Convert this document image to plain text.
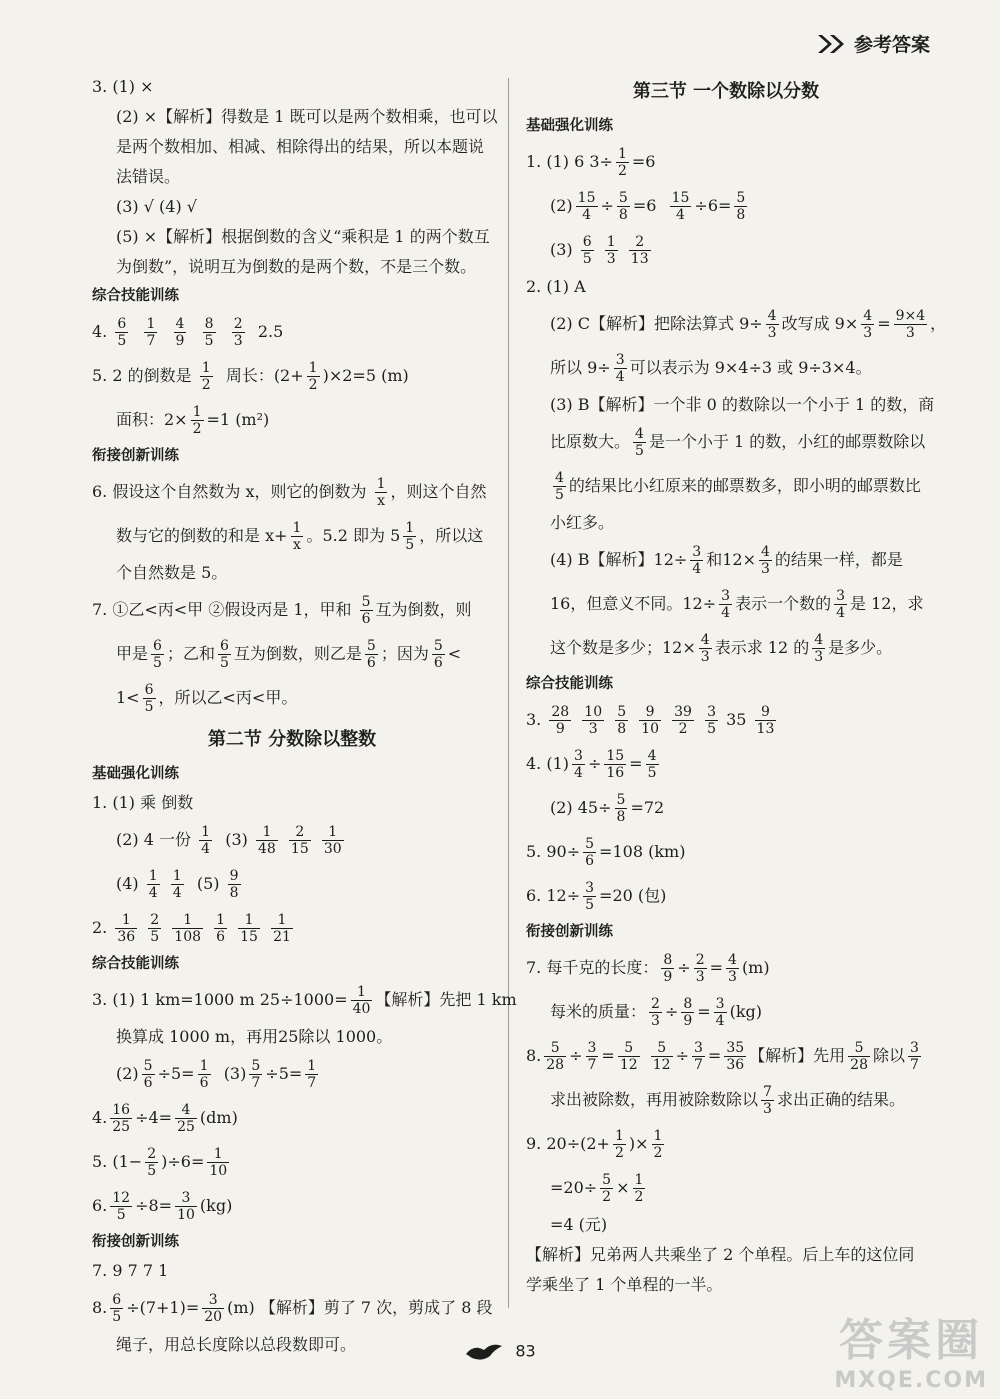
参考答案
3. (1) ×
(2) ×【解析】得数是 1 既可以是两个数相乘，也可以
是两个数相加、相减、相除得出的结果，所以本题说
法错误。
(3) √ (4) √
(5) ×【解析】根据倒数的含义“乘积是 1 的两个数互
为倒数”，说明互为倒数的是两个数，不是三个数。
综合技能训练
4. $\frac{6}{5}$
$\frac{1}{7}$
$\frac{4}{9}$
$\frac{8}{5}$
$\frac{2}{3} 2.5$
5. 2 的倒数是 $\frac{1}{2}$ 周长：$(2+ \frac{1}{2} )\times 2=5$ (m)
面积：$2\times \frac{1}{2} =1$ (m²)
衔接创新训练
6. 假设这个自然数为 x，则它的倒数为 $\frac{1}{x}$ ，则这个自然
数与它的倒数的和是 $x+ \frac{1}{x}$ 。5.2 即为 $5 \frac{1}{5}$ ，所以这
个自然数是 5。
7. ①乙<丙<甲 ②假设丙是 1，甲和 $\frac{5}{6}$ 互为倒数，则
甲是 $\frac{6}{5}$ ；乙和 $\frac{6}{5}$ 互为倒数，则乙是 $\frac{5}{6}$ ；因为 $\frac{5}{6}$ <
$1< \frac{6}{5}$ ，所以乙<丙<甲。
第二节 分数除以整数
基础强化训练
1. (1) 乘 倒数
(2) 4 一份 $\frac{1}{4} (3) \frac{1}{48}$
$\frac{2}{15}$
$\frac{1}{30}$
$(4) \frac{1}{4}$
$\frac{1}{4} (5) \frac{9}{8}$
2. $\frac{1}{36}$
$\frac{2}{5}$
$\frac{1}{108}$
$\frac{1}{6}$
$\frac{1}{15}$
$\frac{1}{21}$
综合技能训练
3. (1) 1 km=1000 m $25\div 1000= \frac{1}{40}$ 【解析】先把 1 km
换算成 1000 m，再用25除以 1000。
$(2) \frac{5}{6} \div 5= \frac{1}{6} (3) \frac{5}{7} \div 5= \frac{1}{7}$
4. $\frac{16}{25} \div 4= \frac{4}{25} (dm)$
5. $(1- \frac{2}{5} )\div 6= \frac{1}{10}$
6. $\frac{12}{5} \div 8= \frac{3}{10} (kg)$
衔接创新训练
7. 9 7 7 1
8. $\frac{6}{5} \div(7+1)= \frac{3}{20} (m)$ 【解析】剪了 7 次，剪成了 8 段
绳子，用总长度除以总段数即可。
第三节 一个数除以分数
基础强化训练
1. (1) 6 $3\div \frac{1}{2} =6$
$(2) \frac{15}{4} \div \frac{5}{8} =6 \frac{15}{4} \div 6= \frac{5}{8}$
$(3) \frac{6}{5}$
$\frac{1}{3}$
$\frac{2}{13}$
2. (1) A
(2) C【解析】把除法算式 $9\div \frac{4}{3}$ 改写成 $9\times \frac{4}{3} = \frac{9\times 4}{3}$ ，
所以 $9\div \frac{3}{4}$ 可以表示为 9×4÷3 或 9÷3×4。
(3) B【解析】一个非 0 的数除以一个小于 1 的数，商
比原数大。 $\frac{4}{5}$ 是一个小于 1 的数，小红的邮票数除以
$\frac{4}{5}$ 的结果比小红原来的邮票数多，即小明的邮票数比
小红多。
(4) B【解析】$12\div \frac{3}{4}$ 和$12\times \frac{4}{3}$ 的结果一样，都是
16，但意义不同。$12\div \frac{3}{4}$ 表示一个数的 $\frac{3}{4}$ 是 12，求
这个数是多少；$12\times \frac{4}{3}$ 表示求 12 的 $\frac{4}{3}$ 是多少。
综合技能训练
3. $\frac{28}{9}$
$\frac{10}{3}$
$\frac{5}{8}$
$\frac{9}{10}$
$\frac{39}{2}$
$\frac{3}{5} 35 \frac{9}{13}$
4. $(1) \frac{3}{4} \div \frac{15}{16} = \frac{4}{5}$
(2) $45\div \frac{5}{8} =72$
5. $90\div \frac{5}{6} =108$ (km)
6. $12\div \frac{3}{5} =20$ (包)
衔接创新训练
7. 每千克的长度： $\frac{8}{9} \div \frac{2}{3} = \frac{4}{3} (m)$
每米的质量： $\frac{2}{3} \div \frac{8}{9} = \frac{3}{4} (kg)$
8. $\frac{5}{28} \div \frac{3}{7} = \frac{5}{12}$
$\frac{5}{12} \div \frac{3}{7} = \frac{35}{36}$ 【解析】先用 $\frac{5}{28}$ 除以 $\frac{3}{7}$
求出被除数，再用被除数除以 $\frac{7}{3}$ 求出正确的结果。
9. $20\div(2+ \frac{1}{2}$ )× $\frac{1}{2}$
$=20\div \frac{5}{2} \times \frac{1}{2}$
=4 (元)
【解析】兄弟两人共乘坐了 2 个单程。后上车的这位同
学乘坐了 1 个单程的一半。
83	答案圈
MXQE.COM
